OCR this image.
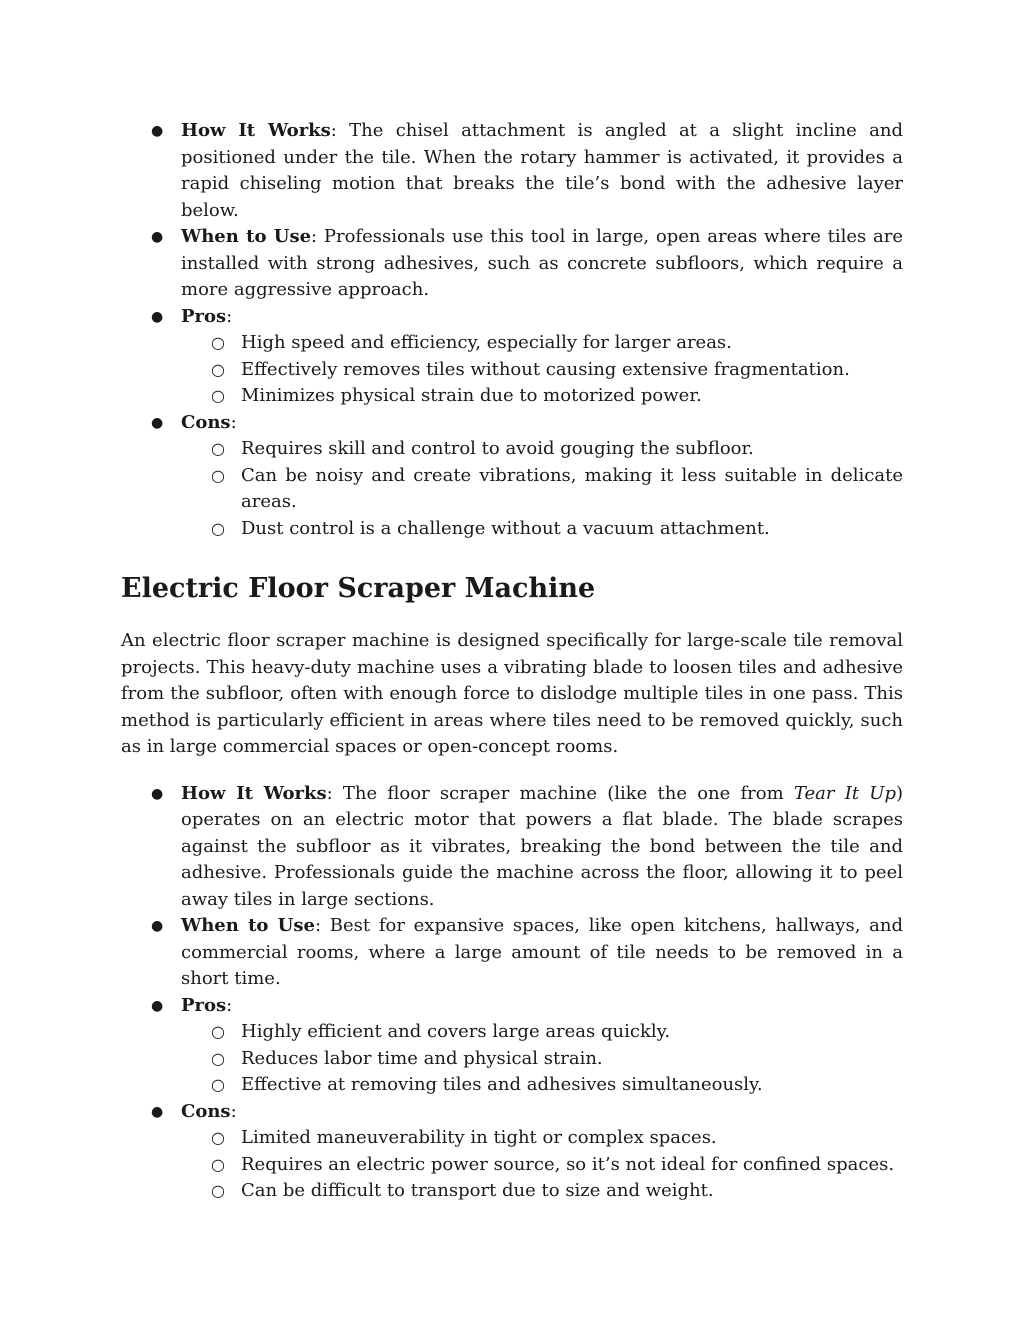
● How It Works: The chisel attachment is angled at a slight incline and positioned under the tile. When the rotary hammer is activated, it provides a rapid chiseling motion that breaks the tile’s bond with the adhesive layer below.
● When to Use: Professionals use this tool in large, open areas where tiles are installed with strong adhesives, such as concrete subfloors, which require a more aggressive approach.
● Pros:
○ High speed and efficiency, especially for larger areas.
○ Effectively removes tiles without causing extensive fragmentation.
○ Minimizes physical strain due to motorized power.
● Cons:
○ Requires skill and control to avoid gouging the subfloor.
○ Can be noisy and create vibrations, making it less suitable in delicate areas.
○ Dust control is a challenge without a vacuum attachment.
Electric Floor Scraper Machine

An electric floor scraper machine is designed specifically for large-scale tile removal projects. This heavy-duty machine uses a vibrating blade to loosen tiles and adhesive from the subfloor, often with enough force to dislodge multiple tiles in one pass. This method is particularly efficient in areas where tiles need to be removed quickly, such as in large commercial spaces or open-concept rooms.

● How It Works: The floor scraper machine (like the one from Tear It Up) operates on an electric motor that powers a flat blade. The blade scrapes against the subfloor as it vibrates, breaking the bond between the tile and adhesive. Professionals guide the machine across the floor, allowing it to peel away tiles in large sections.
● When to Use: Best for expansive spaces, like open kitchens, hallways, and commercial rooms, where a large amount of tile needs to be removed in a short time.
● Pros:
○ Highly efficient and covers large areas quickly.
○ Reduces labor time and physical strain.
○ Effective at removing tiles and adhesives simultaneously.
● Cons:
○ Limited maneuverability in tight or complex spaces.
○ Requires an electric power source, so it’s not ideal for confined spaces.
○ Can be difficult to transport due to size and weight.
